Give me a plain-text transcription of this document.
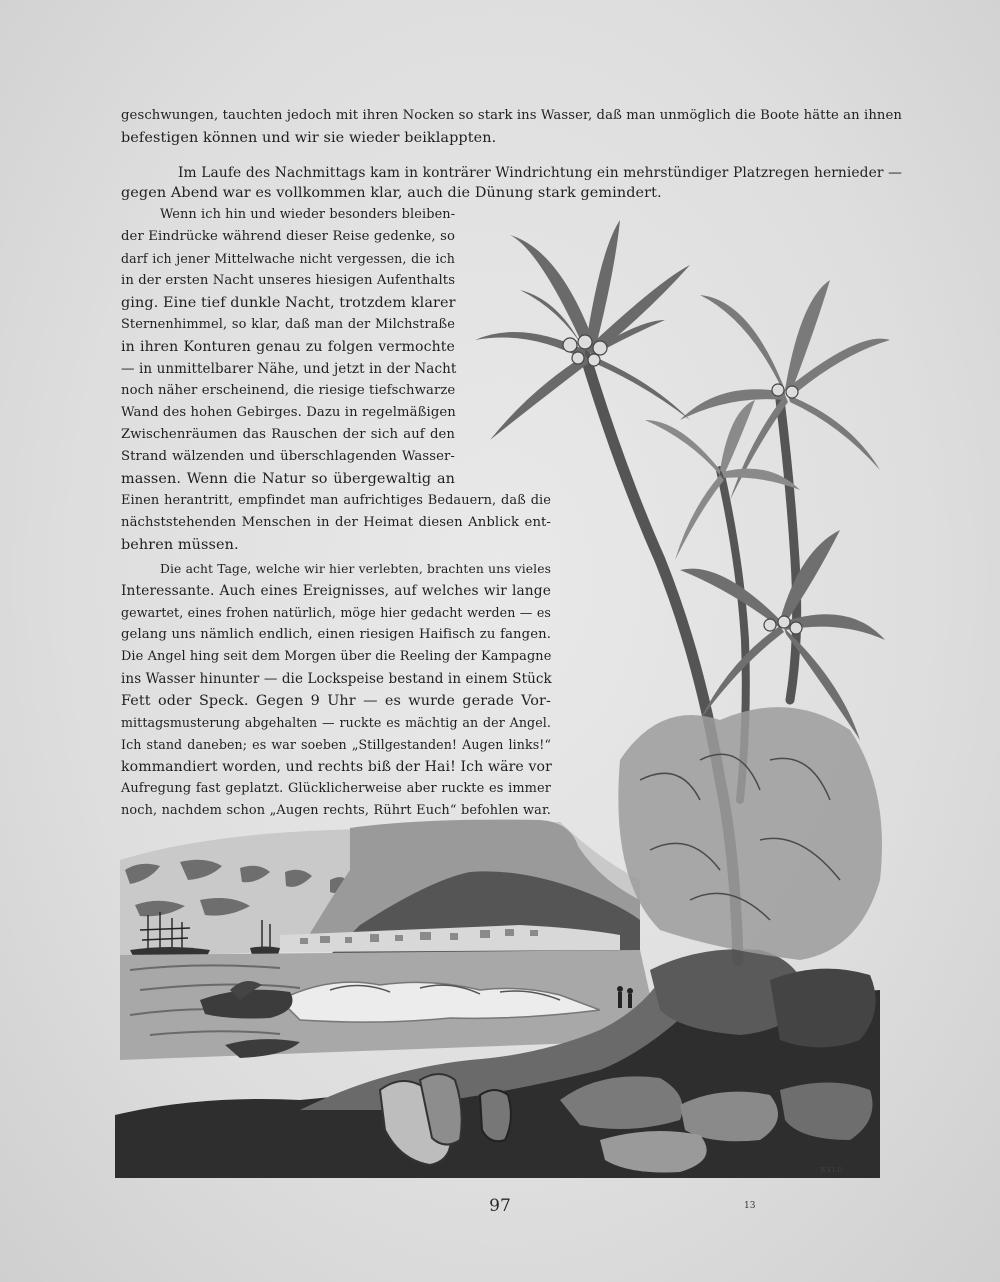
geschwungen, tauchten jedoch mit ihren Nocken so stark ins Wasser, daß man unmöglich die Boote hätte an ihnen
befestigen können und wir sie wieder beiklappten.
Im Laufe des Nachmittags kam in konträrer Windrichtung ein mehrstündiger Platzregen hernieder —
gegen Abend war es vollkommen klar, auch die Dünung stark gemindert.
Wenn ich hin und wieder besonders bleiben-
der Eindrücke während dieser Reise gedenke, so
darf ich jener Mittelwache nicht vergessen, die ich
in der ersten Nacht unseres hiesigen Aufenthalts
ging. Eine tief dunkle Nacht, trotzdem klarer
Sternenhimmel, so klar, daß man der Milchstraße
in ihren Konturen genau zu folgen vermochte
— in unmittelbarer Nähe, und jetzt in der Nacht
noch näher erscheinend, die riesige tiefschwarze
Wand des hohen Gebirges. Dazu in regelmäßigen
Zwischenräumen das Rauschen der sich auf den
Strand wälzenden und überschlagenden Wasser-
massen. Wenn die Natur so übergewaltig an
Einen herantritt, empfindet man aufrichtiges Bedauern, daß die
nächststehenden Menschen in der Heimat diesen Anblick ent-
behren müssen.
Die acht Tage, welche wir hier verlebten, brachten uns vieles
Interessante. Auch eines Ereignisses, auf welches wir lange
gewartet, eines frohen natürlich, möge hier gedacht werden — es
gelang uns nämlich endlich, einen riesigen Haifisch zu fangen.
Die Angel hing seit dem Morgen über die Reeling der Kampagne
ins Wasser hinunter — die Lockspeise bestand in einem Stück
Fett oder Speck. Gegen 9 Uhr — es wurde gerade Vor-
mittagsmusterung abgehalten — ruckte es mächtig an der Angel.
Ich stand daneben; es war soeben „Stillgestanden! Augen links!“
kommandiert worden, und rechts biß der Hai! Ich wäre vor
Aufregung fast geplatzt. Glücklicherweise aber ruckte es immer
noch, nachdem schon „Augen rechts, Rührt Euch“ befohlen war.
WELO
97	13
